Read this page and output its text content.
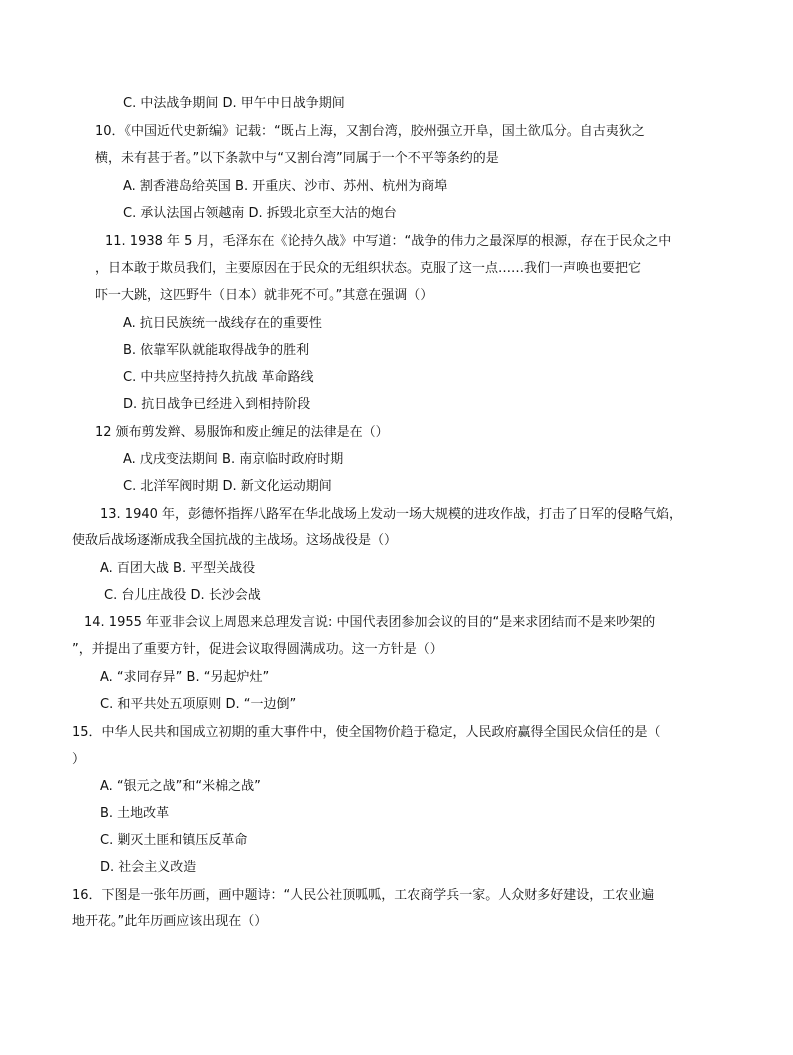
C. 中法战争期间 D. 甲午中日战争期间
10．《中国近代史新编》记载：“既占上海，又割台湾，胶州强立开阜，国土欲瓜分。自古夷狄之
横，未有甚于者。”以下条款中与“又割台湾”同属于一个不平等条约的是
A. 割香港岛给英国 B. 开重庆、沙市、苏州、杭州为商埠
C. 承认法国占领越南 D. 拆毁北京至大沽的炮台
11. 1938 年 5 月，毛泽东在《论持久战》中写道：“战争的伟力之最深厚的根源，存在于民众之中
，日本敢于欺员我们，主要原因在于民众的无组织状态。克服了这一点……我们一声唤也要把它
吓一大跳，这匹野牛（日本）就非死不可。”其意在强调（）
A. 抗日民族统一战线存在的重要性
B. 依靠军队就能取得战争的胜利
C. 中共应坚持持久抗战 革命路线
D. 抗日战争已经进入到相持阶段
12 颁布剪发辫、易服饰和废止缠足的法律是在（）
A. 戊戌变法期间 B. 南京临时政府时期
C. 北洋军阀时期 D. 新文化运动期间
13. 1940 年，彭德怀指挥八路军在华北战场上发动一场大规模的进攻作战，打击了日军的侵略气焰，
使敌后战场逐渐成我全国抗战的主战场。这场战役是（）
A. 百团大战 B. 平型关战役
C. 台儿庄战役 D. 长沙会战
14. 1955 年亚非会议上周恩来总理发言说: 中国代表团参加会议的目的“是来求团结而不是来吵架的
”，并提出了重要方针，促进会议取得圆满成功。这一方针是（）
A. “求同存异” B. “另起炉灶”
C. 和平共处五项原则 D. “一边倒”
15．中华人民共和国成立初期的重大事件中，使全国物价趋于稳定，人民政府赢得全国民众信任的是（
）
A. “银元之战”和“米棉之战”
B. 土地改革
C. 剿灭土匪和镇压反革命
D. 社会主义改造
16．下图是一张年历画，画中题诗：“人民公社顶呱呱，工农商学兵一家。人众财多好建设，工农业遍
地开花。”此年历画应该出现在（）
